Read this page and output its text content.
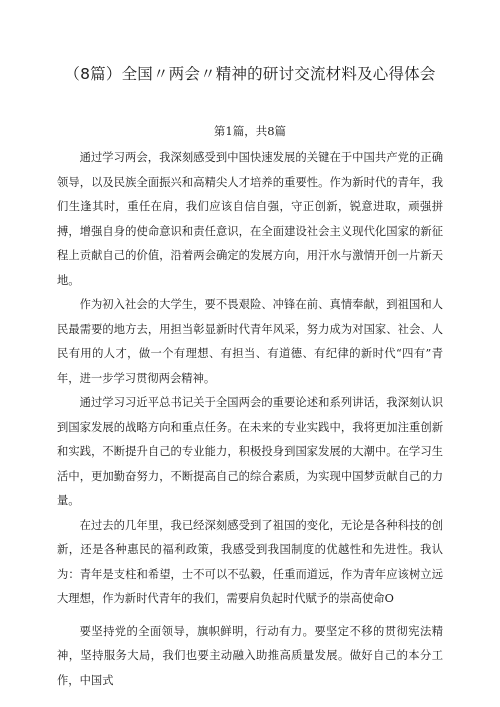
（8篇）全国〃两会〃精神的研讨交流材料及心得体会
第1篇，共8篇

通过学习两会，我深刻感受到中国快速发展的关键在于中国共产党的正确领导，以及民族全面振兴和高精尖人才培养的重要性。作为新时代的青年，我们生逢其时，重任在肩，我们应该自信自强，守正创新，锐意进取，顽强拼搏，增强自身的使命意识和责任意识，在全面建设社会主义现代化国家的新征程上贡献自己的价值，沿着两会确定的发展方向，用汗水与激情开创一片新天地。

作为初入社会的大学生，要不畏艰险、冲锋在前、真情奉献，到祖国和人民最需要的地方去，用担当彰显新时代青年风采，努力成为对国家、社会、人民有用的人才，做一个有理想、有担当、有道德、有纪律的新时代“四有”青年，进一步学习贯彻两会精神。

通过学习习近平总书记关于全国两会的重要论述和系列讲话，我深刻认识到国家发展的战略方向和重点任务。在未来的专业实践中，我将更加注重创新和实践，不断提升自己的专业能力，积极投身到国家发展的大潮中。在学习生活中，更加勤奋努力，不断提高自己的综合素质，为实现中国梦贡献自己的力量。

在过去的几年里，我已经深刻感受到了祖国的变化，无论是各种科技的创新，还是各种惠民的福利政策，我感受到我国制度的优越性和先进性。我认为：青年是支柱和希望，士不可以不弘毅，任重而道远，作为青年应该树立远大理想，作为新时代青年的我们，需要肩负起时代赋予的崇高使命O

要坚持党的全面领导，旗帜鲜明，行动有力。要坚定不移的贯彻宪法精神，坚持服务大局，我们也要主动融入助推高质量发展。做好自己的本分工作，中国式
